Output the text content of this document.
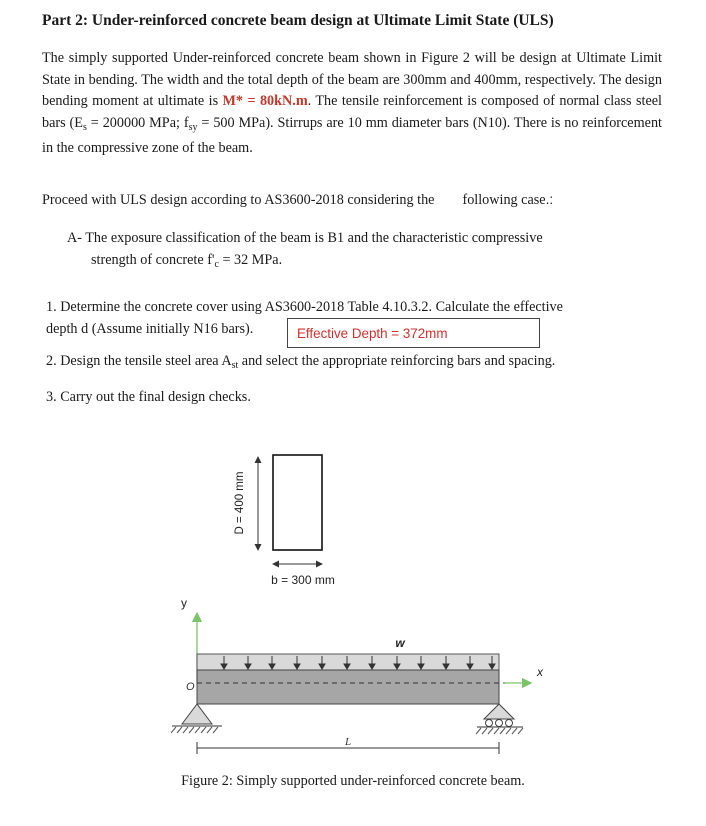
Part 2: Under-reinforced concrete beam design at Ultimate Limit State (ULS)
The simply supported Under-reinforced concrete beam shown in Figure 2 will be design at Ultimate Limit State in bending. The width and the total depth of the beam are 300mm and 400mm, respectively. The design bending moment at ultimate is M* = 80kN.m. The tensile reinforcement is composed of normal class steel bars ($E_s = 200000$ MPa; $f_{sy} = 500$ MPa). Stirrups are 10 mm diameter bars (N10). There is no reinforcement in the compressive zone of the beam.
Proceed with ULS design according to AS3600-2018 considering the following case.:
A- The exposure classification of the beam is B1 and the characteristic compressive
strength of concrete $f'_c = 32$ MPa.
1. Determine the concrete cover using AS3600-2018 Table 4.10.3.2. Calculate the effective
depth d (Assume initially N16 bars).	Effective Depth = 372mm
2. Design the tensile steel area $A_{st}$ and select the appropriate reinforcing bars and spacing.
3. Carry out the final design checks.
D = 400 mm
b = 300 mm
y
x
O
w
L
Figure 2: Simply supported under-reinforced concrete beam.
